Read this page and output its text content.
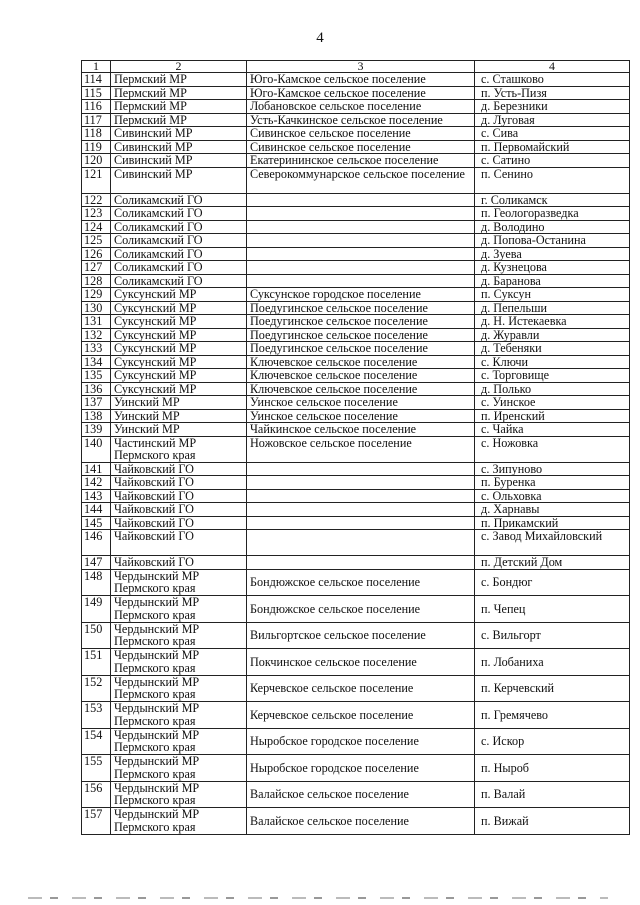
4
1	2	3	4
114	Пермский МР	Юго-Камское сельское поселение	с. Сташково
115	Пермский МР	Юго-Камское сельское поселение	п. Усть-Пизя
116	Пермский МР	Лобановское сельское поселение	д. Березники
117	Пермский МР	Усть-Качкинское сельское поселение	д. Луговая
118	Сивинский МР	Сивинское сельское поселение	с. Сива
119	Сивинский МР	Сивинское сельское поселение	п. Первомайский
120	Сивинский МР	Екатерининское сельское поселение	с. Сатино
121	Сивинский МР	Северокоммунарское сельское поселение	п. Сенино
122	Соликамский ГО		г. Соликамск
123	Соликамский ГО		п. Геологоразведка
124	Соликамский ГО		д. Володино
125	Соликамский ГО		д. Попова-Останина
126	Соликамский ГО		д. Зуева
127	Соликамский ГО		д. Кузнецова
128	Соликамский ГО		д. Баранова
129	Суксунский МР	Суксунское городское поселение	п. Суксун
130	Суксунский МР	Поедугинское сельское поселение	д. Пепельши
131	Суксунский МР	Поедугинское сельское поселение	д. Н. Истекаевка
132	Суксунский МР	Поедугинское сельское поселение	д. Журавли
133	Суксунский МР	Поедугинское сельское поселение	д. Тебеняки
134	Суксунский МР	Ключевское сельское поселение	с. Ключи
135	Суксунский МР	Ключевское сельское поселение	с. Торговище
136	Суксунский МР	Ключевское сельское поселение	д. Полько
137	Уинский МР	Уинское сельское поселение	с. Уинское
138	Уинский МР	Уинское сельское поселение	п. Иренский
139	Уинский МР	Чайкинское сельское поселение	с. Чайка
140	Частинский МР Пермского края	Ножовское сельское поселение	с. Ножовка
141	Чайковский ГО		с. Зипуново
142	Чайковский ГО		п. Буренка
143	Чайковский ГО		с. Ольховка
144	Чайковский ГО		д. Харнавы
145	Чайковский ГО		п. Прикамский
146	Чайковский ГО		с. Завод Михайловский
147	Чайковский ГО		п. Детский Дом
148	Чердынский МР Пермского края	Бондюжское сельское поселение	с. Бондюг
149	Чердынский МР Пермского края	Бондюжское сельское поселение	п. Чепец
150	Чердынский МР Пермского края	Вильгортское сельское поселение	с. Вильгорт
151	Чердынский МР Пермского края	Покчинское сельское поселение	п. Лобаниха
152	Чердынский МР Пермского края	Керчевское сельское поселение	п. Керчевский
153	Чердынский МР Пермского края	Керчевское сельское поселение	п. Гремячево
154	Чердынский МР Пермского края	Ныробское городское поселение	с. Искор
155	Чердынский МР Пермского края	Ныробское городское поселение	п. Ныроб
156	Чердынский МР Пермского края	Валайское сельское поселение	п. Валай
157	Чердынский МР Пермского края	Валайское сельское поселение	п. Вижай
